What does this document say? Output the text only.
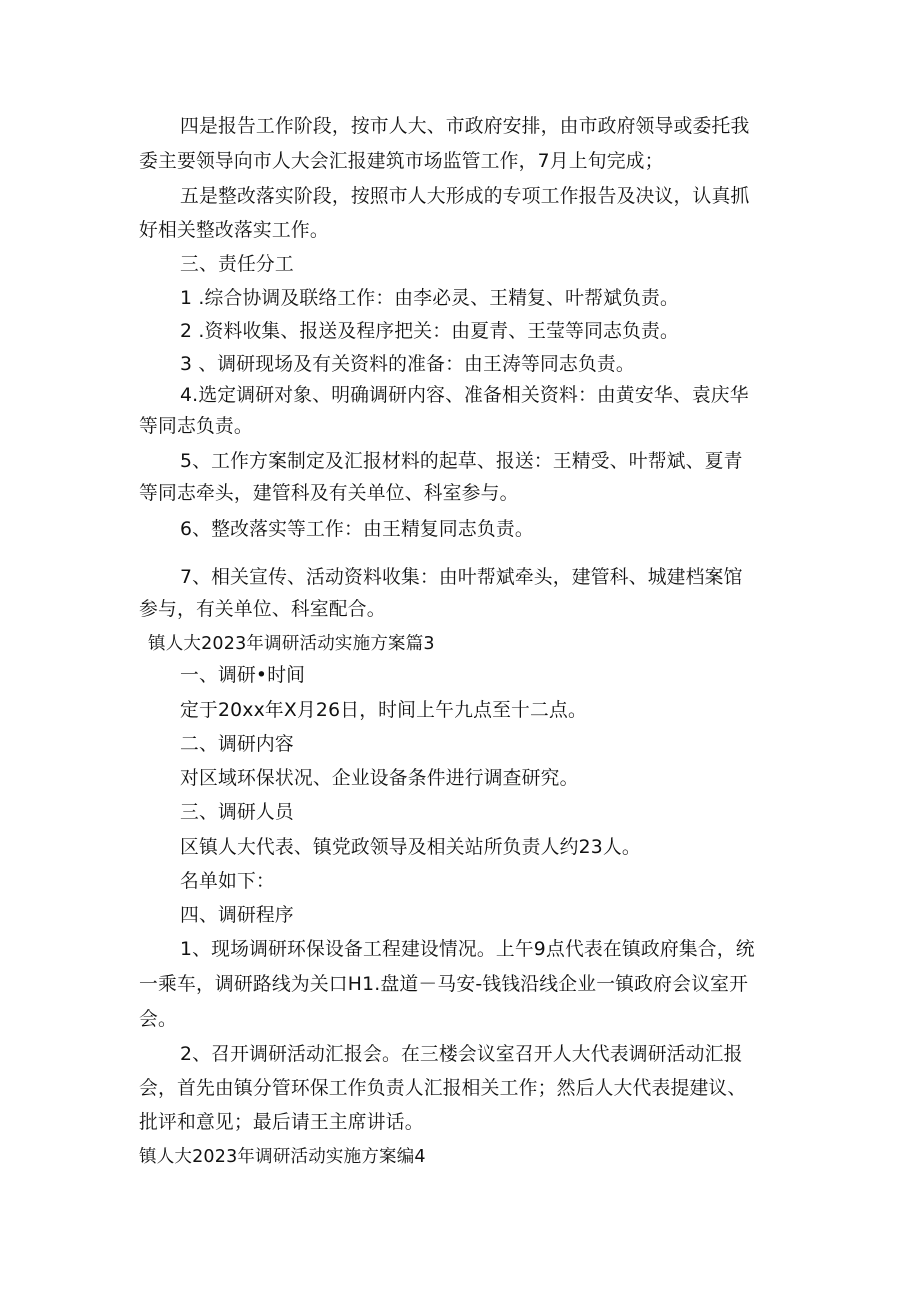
四是报告工作阶段，按市人大、市政府安排，由市政府领导或委托我
委主要领导向市人大会汇报建筑市场监管工作，7月上旬完成；
五是整改落实阶段，按照市人大形成的专项工作报告及决议，认真抓
好相关整改落实工作。
三、责任分工
1 .综合协调及联络工作：由李必灵、王精复、叶帮斌负责。
2 .资料收集、报送及程序把关：由夏青、王莹等同志负责。
3 、调研现场及有关资料的准备：由王涛等同志负责。
4.选定调研对象、明确调研内容、准备相关资料：由黄安华、袁庆华
等同志负责。
5、工作方案制定及汇报材料的起草、报送：王精受、叶帮斌、夏青
等同志牵头，建管科及有关单位、科室参与。
6、整改落实等工作：由王精复同志负责。
7、相关宣传、活动资料收集：由叶帮斌牵头，建管科、城建档案馆
参与，有关单位、科室配合。
镇人大2023年调研活动实施方案篇3
一、调研•时间
定于20xx年X月26日，时间上午九点至十二点。
二、调研内容
对区域环保状况、企业设备条件进行调查研究。
三、调研人员
区镇人大代表、镇党政领导及相关站所负责人约23人。
名单如下：
四、调研程序
1、现场调研环保设备工程建设情况。上午9点代表在镇政府集合，统
一乘车，调研路线为关口H1.盘道－马安-钱钱沿线企业一镇政府会议室开
会。
2、召开调研活动汇报会。在三楼会议室召开人大代表调研活动汇报
会，首先由镇分管环保工作负责人汇报相关工作；然后人大代表提建议、
批评和意见；最后请王主席讲话。
镇人大2023年调研活动实施方案编4
